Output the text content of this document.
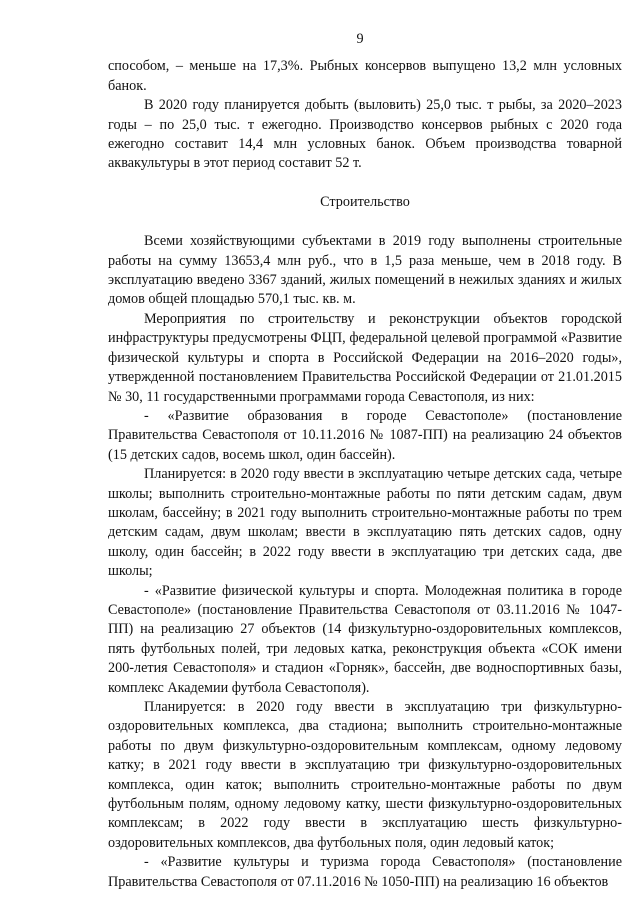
9

способом, – меньше на 17,3%. Рыбных консервов выпущено 13,2 млн условных банок.

В 2020 году планируется добыть (выловить) 25,0 тыс. т рыбы, за 2020–2023 годы – по 25,0 тыс. т ежегодно. Производство консервов рыбных с 2020 года ежегодно составит 14,4 млн условных банок. Объем производства товарной аквакультуры в этот период составит 52 т.

Строительство

Всеми хозяйствующими субъектами в 2019 году выполнены строительные работы на сумму 13653,4 млн руб., что в 1,5 раза меньше, чем в 2018 году. В эксплуатацию введено 3367 зданий, жилых помещений в нежилых зданиях и жилых домов общей площадью 570,1 тыс. кв. м.

Мероприятия по строительству и реконструкции объектов городской инфраструктуры предусмотрены ФЦП, федеральной целевой программой «Развитие физической культуры и спорта в Российской Федерации на 2016–2020 годы», утвержденной постановлением Правительства Российской Федерации от 21.01.2015 № 30, 11 государственными программами города Севастополя, из них:

- «Развитие образования в городе Севастополе» (постановление Правительства Севастополя от 10.11.2016 № 1087-ПП) на реализацию 24 объектов (15 детских садов, восемь школ, один бассейн).

Планируется: в 2020 году ввести в эксплуатацию четыре детских сада, четыре школы; выполнить строительно-монтажные работы по пяти детским садам, двум школам, бассейну; в 2021 году выполнить строительно-монтажные работы по трем детским садам, двум школам; ввести в эксплуатацию пять детских садов, одну школу, один бассейн; в 2022 году ввести в эксплуатацию три детских сада, две школы;

- «Развитие физической культуры и спорта. Молодежная политика в городе Севастополе» (постановление Правительства Севастополя от 03.11.2016 № 1047-ПП) на реализацию 27 объектов (14 физкультурно-оздоровительных комплексов, пять футбольных полей, три ледовых катка, реконструкция объекта «СОК имени 200-летия Севастополя» и стадион «Горняк», бассейн, две водноспортивных базы, комплекс Академии футбола Севастополя).

Планируется: в 2020 году ввести в эксплуатацию три физкультурно-оздоровительных комплекса, два стадиона; выполнить строительно-монтажные работы по двум физкультурно-оздоровительным комплексам, одному ледовому катку; в 2021 году ввести в эксплуатацию три физкультурно-оздоровительных комплекса, один каток; выполнить строительно-монтажные работы по двум футбольным полям, одному ледовому катку, шести физкультурно-оздоровительных комплексам; в 2022 году ввести в эксплуатацию шесть физкультурно-оздоровительных комплексов, два футбольных поля, один ледовый каток;

- «Развитие культуры и туризма города Севастополя» (постановление Правительства Севастополя от 07.11.2016 № 1050-ПП) на реализацию 16 объектов
